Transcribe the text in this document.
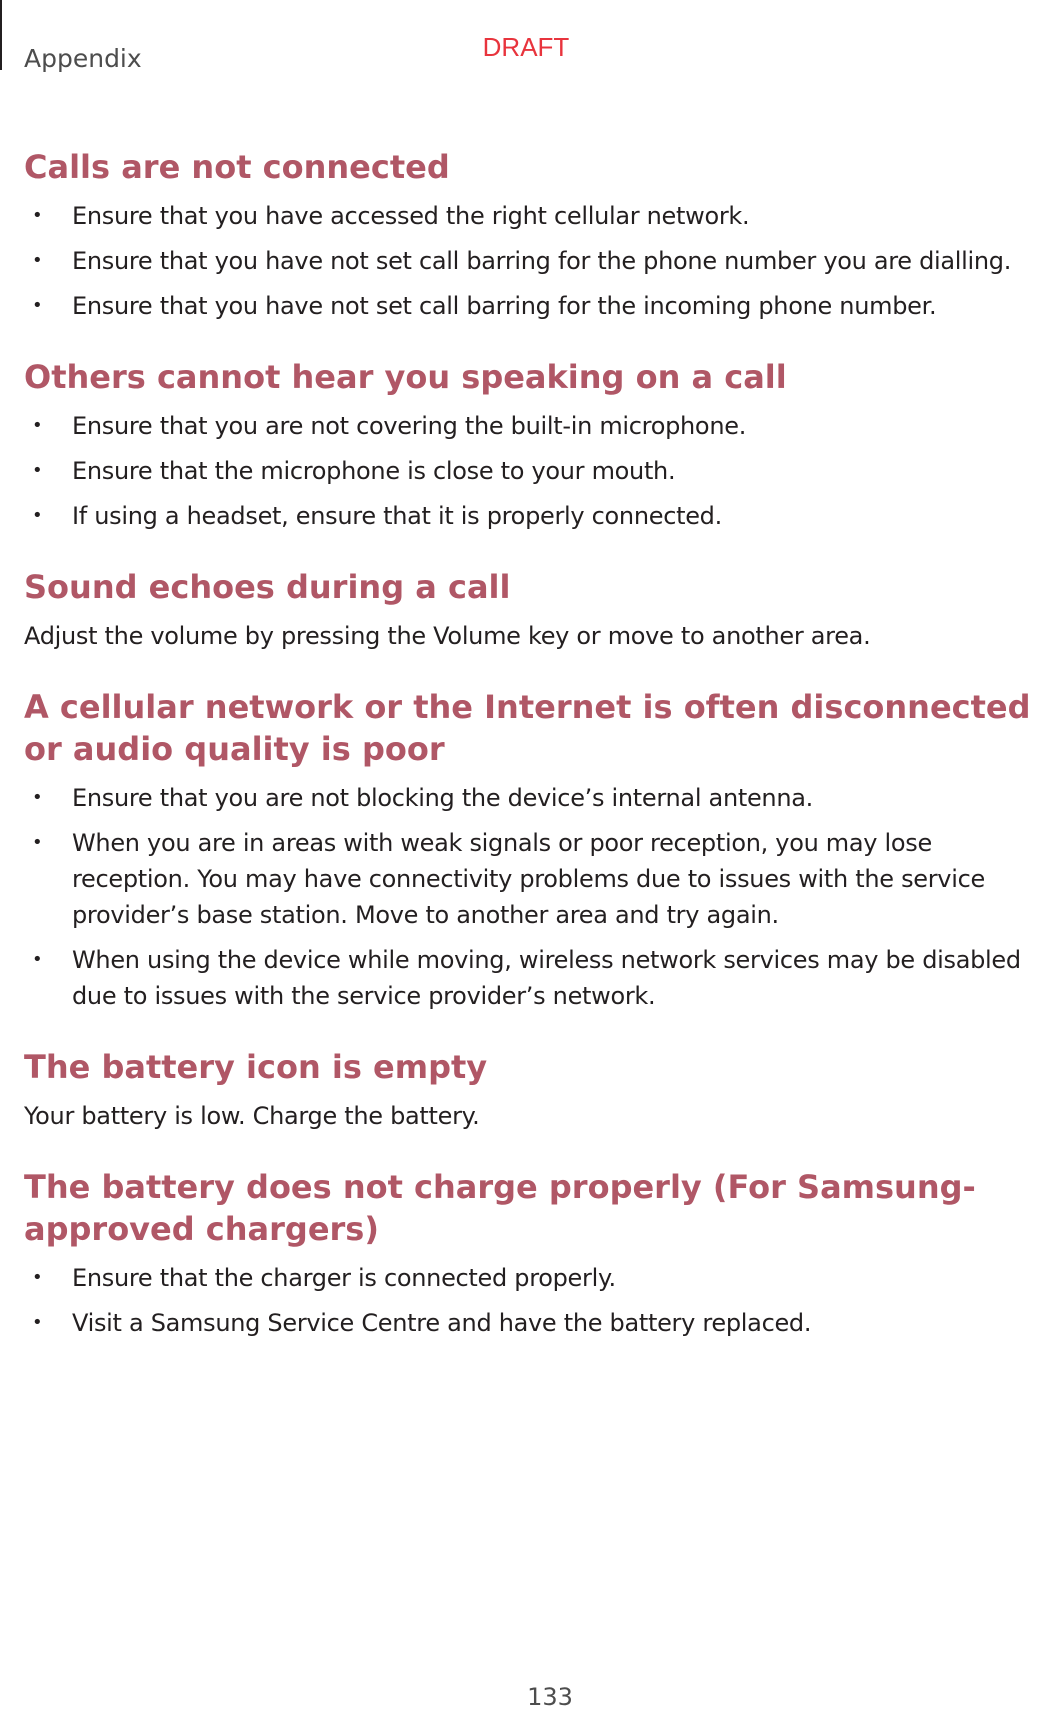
Appendix	DRAFT
Calls are not connected
• Ensure that you have accessed the right cellular network.
• Ensure that you have not set call barring for the phone number you are dialling.
• Ensure that you have not set call barring for the incoming phone number.
Others cannot hear you speaking on a call
• Ensure that you are not covering the built-in microphone.
• Ensure that the microphone is close to your mouth.
• If using a headset, ensure that it is properly connected.
Sound echoes during a call

Adjust the volume by pressing the Volume key or move to another area.

A cellular network or the Internet is often disconnected or audio quality is poor
• Ensure that you are not blocking the device’s internal antenna.
• When you are in areas with weak signals or poor reception, you may lose reception. You may have connectivity problems due to issues with the service provider’s base station. Move to another area and try again.
• When using the device while moving, wireless network services may be disabled due to issues with the service provider’s network.
The battery icon is empty

Your battery is low. Charge the battery.

The battery does not charge properly (For Samsung-approved chargers)
• Ensure that the charger is connected properly.
• Visit a Samsung Service Centre and have the battery replaced.
133
